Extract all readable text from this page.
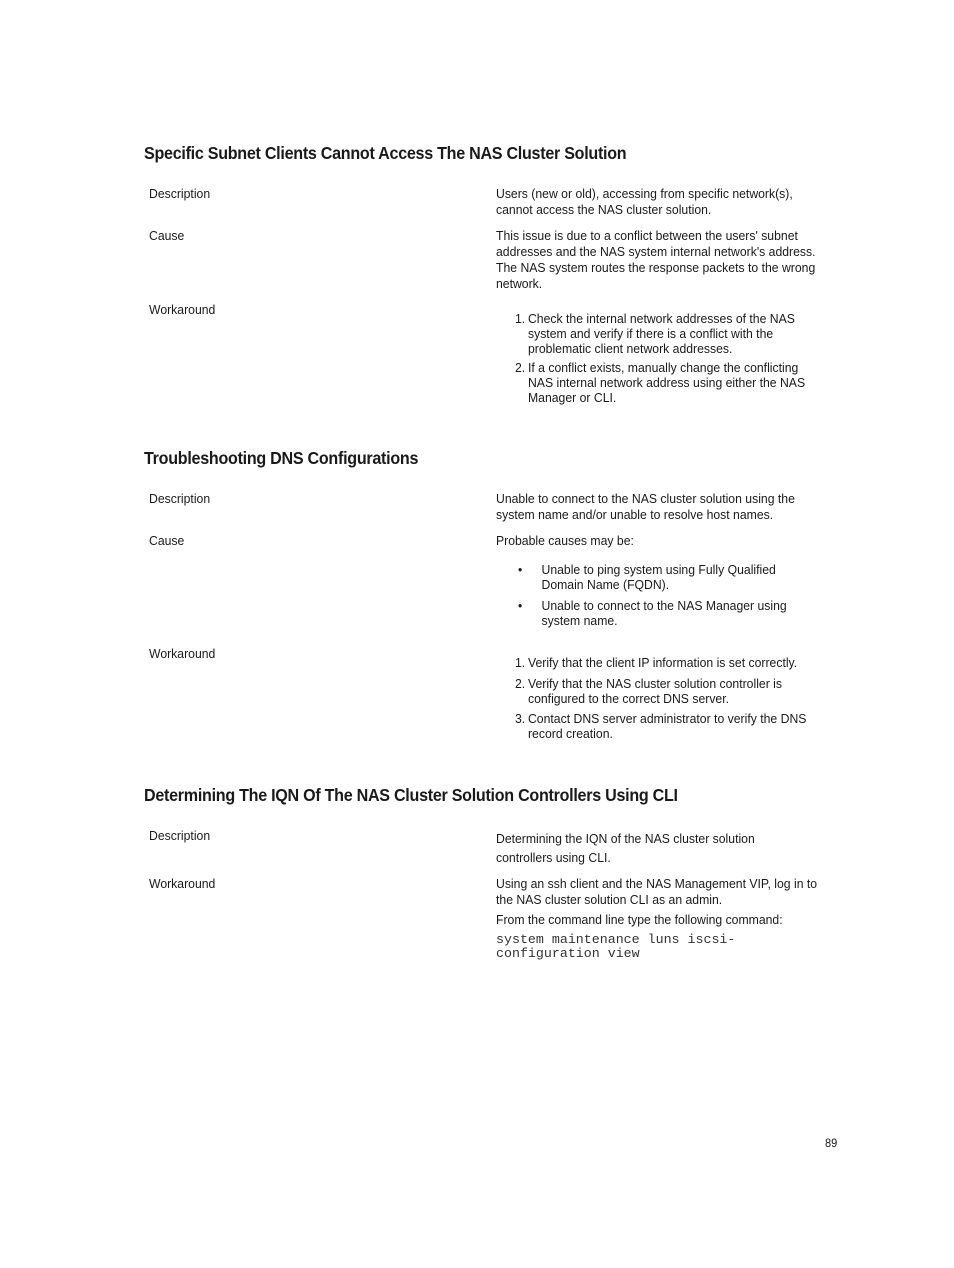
Specific Subnet Clients Cannot Access The NAS Cluster Solution
Description	Users (new or old), accessing from specific network(s), cannot access the NAS cluster solution.
Cause	This issue is due to a conflict between the users' subnet addresses and the NAS system internal network's address. The NAS system routes the response packets to the wrong network.
Workaround
1. Check the internal network addresses of the NAS system and verify if there is a conflict with the problematic client network addresses.
2. If a conflict exists, manually change the conflicting NAS internal network address using either the NAS Manager or CLI.
Troubleshooting DNS Configurations
Description	Unable to connect to the NAS cluster solution using the system name and/or unable to resolve host names.
Cause	Probable causes may be:
• Unable to ping system using Fully Qualified Domain Name (FQDN).
• Unable to connect to the NAS Manager using system name.
Workaround
1. Verify that the client IP information is set correctly.
2. Verify that the NAS cluster solution controller is configured to the correct DNS server.
3. Contact DNS server administrator to verify the DNS record creation.
Determining The IQN Of The NAS Cluster Solution Controllers Using CLI
Description	Determining the IQN of the NAS cluster solution controllers using CLI.
Workaround	Using an ssh client and the NAS Management VIP, log in to the NAS cluster solution CLI as an admin.
From the command line type the following command:
system maintenance luns iscsi-
configuration view
89
